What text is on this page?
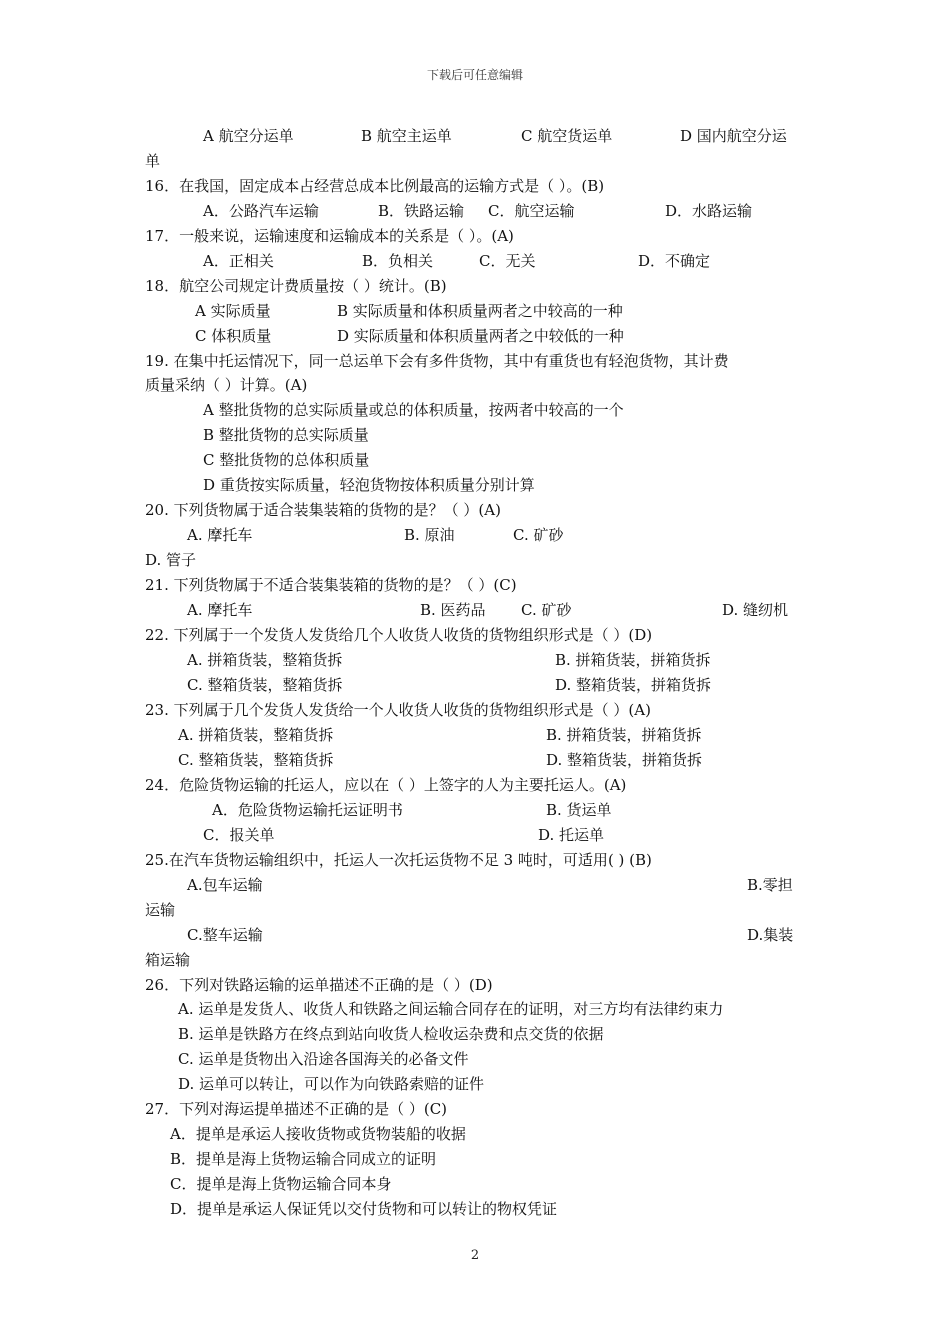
下载后可任意编辑
A 航空分运单	B 航空主运单	C 航空货运单	D 国内航空分运
单
16．在我国，固定成本占经营总成本比例最高的运输方式是（ ）。(B)
A．公路汽车运输	B．铁路运输 C．航空运输	D．水路运输
17．一般来说，运输速度和运输成本的关系是（ ）。(A)
A．正相关	B．负相关	C．无关	D．不确定
18．航空公司规定计费质量按（ ）统计。(B)
A 实际质量	B 实际质量和体积质量两者之中较高的一种
C 体积质量	D 实际质量和体积质量两者之中较低的一种
19. 在集中托运情况下，同一总运单下会有多件货物，其中有重货也有轻泡货物，其计费
质量采纳（ ）计算。(A)
A 整批货物的总实际质量或总的体积质量，按两者中较高的一个
B 整批货物的总实际质量
C 整批货物的总体积质量
D 重货按实际质量，轻泡货物按体积质量分别计算
20. 下列货物属于适合装集装箱的货物的是？（ ）(A)
A. 摩托车	B. 原油	C. 矿砂
D. 管子
21. 下列货物属于不适合装集装箱的货物的是？（ ）(C)
A. 摩托车	B. 医药品 C. 矿砂	D. 缝纫机
22. 下列属于一个发货人发货给几个人收货人收货的货物组织形式是（ ）(D)
A. 拼箱货装，整箱货拆	B. 拼箱货装，拼箱货拆
C. 整箱货装，整箱货拆	D. 整箱货装，拼箱货拆
23. 下列属于几个发货人发货给一个人收货人收货的货物组织形式是（ ）(A)
A. 拼箱货装，整箱货拆	B. 拼箱货装，拼箱货拆
C. 整箱货装，整箱货拆	D. 整箱货装，拼箱货拆
24．危险货物运输的托运人，应以在（ ）上签字的人为主要托运人。(A)
A．危险货物运输托运证明书	B. 货运单
C．报关单	D. 托运单
25.在汽车货物运输组织中，托运人一次托运货物不足 3 吨时，可适用( ) (B)
A.包车运输	B.零担
运输
C.整车运输	D.集装
箱运输
26．下列对铁路运输的运单描述不正确的是（ ）(D)
A. 运单是发货人、收货人和铁路之间运输合同存在的证明，对三方均有法律约束力
B. 运单是铁路方在终点到站向收货人检收运杂费和点交货的依据
C. 运单是货物出入沿途各国海关的必备文件
D. 运单可以转让，可以作为向铁路索赔的证件
27．下列对海运提单描述不正确的是（ ）(C)
A．提单是承运人接收货物或货物装船的收据
B．提单是海上货物运输合同成立的证明
C．提单是海上货物运输合同本身
D．提单是承运人保证凭以交付货物和可以转让的物权凭证
2
